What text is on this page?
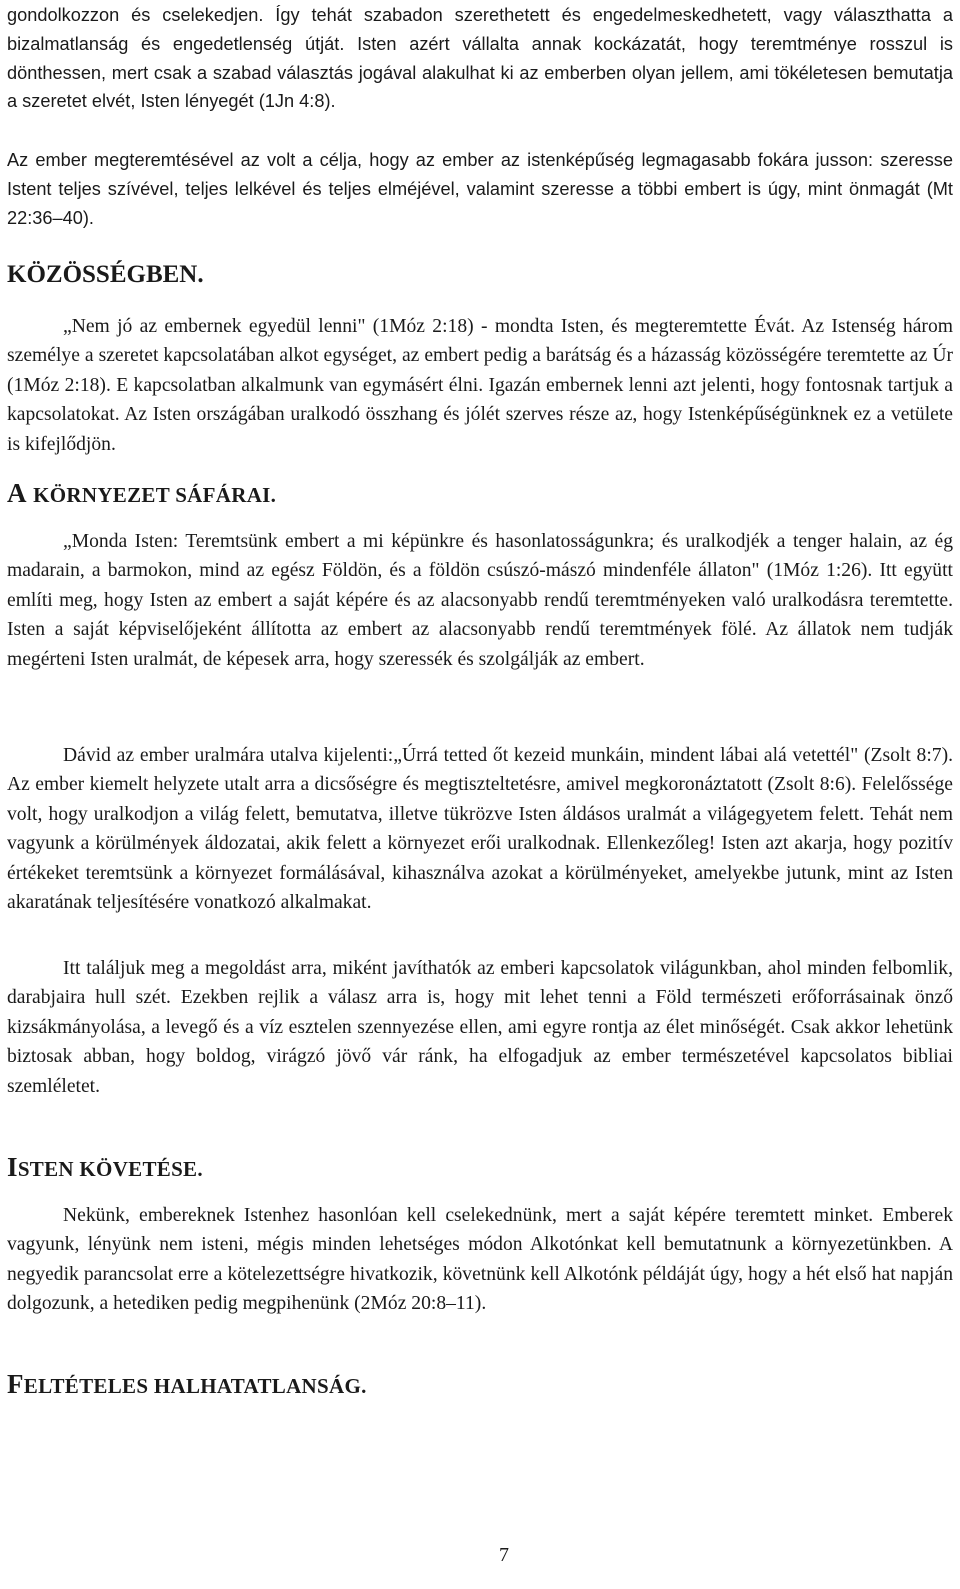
gondolkozzon és cselekedjen. Így tehát szabadon szerethetett és engedelmeskedhetett, vagy választhatta a bizalmatlanság és engedetlenség útját. Isten azért vállalta annak kockázatát, hogy teremtménye rosszul is dönthessen, mert csak a szabad választás jogával alakulhat ki az emberben olyan jellem, ami tökéletesen bemutatja a szeretet elvét, Isten lényegét (1Jn 4:8).

Az ember megteremtésével az volt a célja, hogy az ember az istenképűség legmagasabb fokára jusson: szeresse Istent teljes szívével, teljes lelkével és teljes elméjével, valamint szeresse a többi embert is úgy, mint önmagát (Mt 22:36–40).

KÖZÖSSÉGBEN.

„Nem jó az embernek egyedül lenni" (1Móz 2:18) - mondta Isten, és megteremtette Évát. Az Istenség három személye a szeretet kapcsolatában alkot egységet, az embert pedig a barátság és a házasság közösségére teremtette az Úr (1Móz 2:18). E kapcsolatban alkalmunk van egymásért élni. Igazán embernek lenni azt jelenti, hogy fontosnak tartjuk a kapcsolatokat. Az Isten országában uralkodó összhang és jólét szerves része az, hogy Istenképűségünknek ez a vetülete is kifejlődjön.

A KÖRNYEZET SÁFÁRAI.

„Monda Isten: Teremtsünk embert a mi képünkre és hasonlatosságunkra; és uralkodjék a tenger halain, az ég madarain, a barmokon, mind az egész Földön, és a földön csúszó-mászó mindenféle állaton" (1Móz 1:26). Itt együtt említi meg, hogy Isten az embert a saját képére és az alacsonyabb rendű teremtményeken való uralkodásra teremtette. Isten a saját képviselőjeként állította az embert az alacsonyabb rendű teremtmények fölé. Az állatok nem tudják megérteni Isten uralmát, de képesek arra, hogy szeressék és szolgálják az embert.

Dávid az ember uralmára utalva kijelenti:„Úrrá tetted őt kezeid munkáin, mindent lábai alá vetettél" (Zsolt 8:7). Az ember kiemelt helyzete utalt arra a dicsőségre és megtiszteltetésre, amivel megkoronáztatott (Zsolt 8:6). Felelőssége volt, hogy uralkodjon a világ felett, bemutatva, illetve tükrözve Isten áldásos uralmát a világegyetem felett. Tehát nem vagyunk a körülmények áldozatai, akik felett a környezet erői uralkodnak. Ellenkezőleg! Isten azt akarja, hogy pozitív értékeket teremtsünk a környezet formálásával, kihasználva azokat a körülményeket, amelyekbe jutunk, mint az Isten akaratának teljesítésére vonatkozó alkalmakat.

Itt találjuk meg a megoldást arra, miként javíthatók az emberi kapcsolatok világunkban, ahol minden felbomlik, darabjaira hull szét. Ezekben rejlik a válasz arra is, hogy mit lehet tenni a Föld természeti erőforrásainak önző kizsákmányolása, a levegő és a víz esztelen szennyezése ellen, ami egyre rontja az élet minőségét. Csak akkor lehetünk biztosak abban, hogy boldog, virágzó jövő vár ránk, ha elfogadjuk az ember természetével kapcsolatos bibliai szemléletet.

ISTEN KÖVETÉSE.

Nekünk, embereknek Istenhez hasonlóan kell cselekednünk, mert a saját képére teremtett minket. Emberek vagyunk, lényünk nem isteni, mégis minden lehetséges módon Alkotónkat kell bemutatnunk a környezetünkben. A negyedik parancsolat erre a kötelezettségre hivatkozik, követnünk kell Alkotónk példáját úgy, hogy a hét első hat napján dolgozunk, a hetediken pedig megpihenünk (2Móz 20:8–11).

FELTÉTELES HALHATATLANSÁG.
7
